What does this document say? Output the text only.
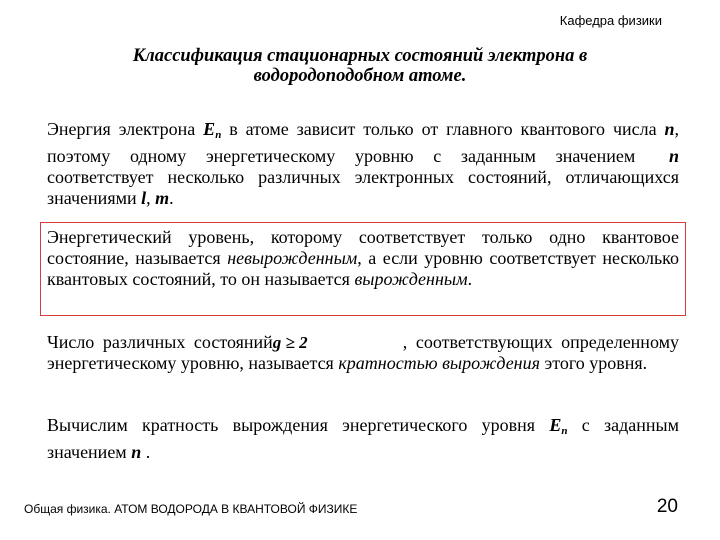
Кафедра физики
Классификация стационарных состояний электрона в
водородоподобном атоме.
Энергия электрона $E_n$ в атоме зависит только от главного квантового числа n, поэтому одному энергетическому уровню с заданным значением n соответствует несколько различных электронных состояний, отличающихся значениями l, m.
Энергетический уровень, которому соответствует только одно квантовое состояние, называется невырожденным, а если уровню соответствует несколько квантовых состояний, то он называется вырожденным.
Число различных состоянийg ≥ 2	, соответствующих определенному энергетическому уровню, называется кратностью вырождения этого уровня.
Вычислим кратность вырождения энергетического уровня $E_n$ с заданным значением n .
Общая физика. АТОМ ВОДОРОДА В КВАНТОВОЙ ФИЗИКЕ	20
